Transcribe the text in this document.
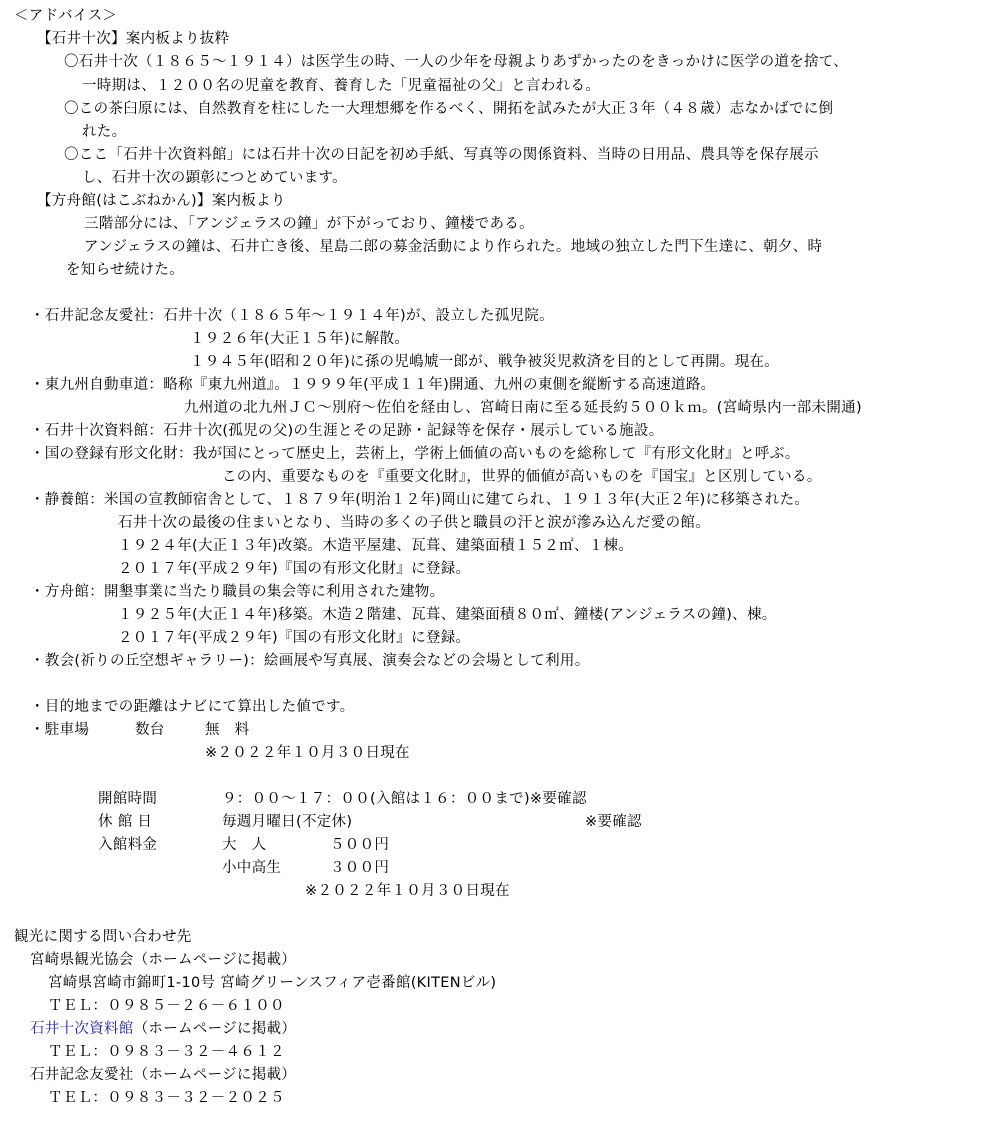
＜アドバイス＞
【石井十次】案内板より抜粋
〇石井十次（１８６５～１９１４）は医学生の時、一人の少年を母親よりあずかったのをきっかけに医学の道を捨て、
一時期は、１２００名の児童を教育、養育した「児童福祉の父」と言われる。
〇この茶臼原には、自然教育を柱にした一大理想郷を作るべく、開拓を試みたが大正３年（４８歳）志なかばでに倒
れた。
〇ここ「石井十次資料館」には石井十次の日記を初め手紙、写真等の関係資料、当時の日用品、農具等を保存展示
し、石井十次の顕彰につとめています。
【方舟館(はこぶねかん)】案内板より
三階部分には、「アンジェラスの鐘」が下がっており、鐘楼である。
アンジェラスの鐘は、石井亡き後、星島二郎の募金活動により作られた。地域の独立した門下生達に、朝夕、時
を知らせ続けた。
・石井記念友愛社：石井十次（１８６５年～１９１４年)が、設立した孤児院。
１９２６年(大正１５年)に解散。
１９４５年(昭和２０年)に孫の児嶋虓一郎が、戦争被災児救済を目的として再開。現在。
・東九州自動車道：略称『東九州道』。１９９９年(平成１１年)開通、九州の東側を縦断する高速道路。
九州道の北九州ＪＣ～別府～佐伯を経由し、宮崎日南に至る延長約５００ｋｍ。(宮崎県内一部未開通)
・石井十次資料館：石井十次(孤児の父)の生涯とその足跡・記録等を保存・展示している施設。
・国の登録有形文化財：我が国にとって歴史上，芸術上，学術上価値の高いものを総称して『有形文化財』と呼ぶ。
この内、重要なものを『重要文化財』，世界的価値が高いものを『国宝』と区別している。
・静養館：米国の宣教師宿舎として、１８７９年(明治１２年)岡山に建てられ、１９１３年(大正２年)に移築された。
石井十次の最後の住まいとなり、当時の多くの子供と職員の汗と涙が滲み込んだ愛の館。
１９２４年(大正１３年)改築。木造平屋建、瓦葺、建築面積１５２㎡、１棟。
２０１７年(平成２９年)『国の有形文化財』に登録。
・方舟館：開墾事業に当たり職員の集会等に利用された建物。
１９２５年(大正１４年)移築。木造２階建、瓦葺、建築面積８０㎡、鐘楼(アンジェラスの鐘)、棟。
２０１７年(平成２９年)『国の有形文化財』に登録。
・教会(祈りの丘空想ギャラリー)：絵画展や写真展、演奏会などの会場として利用。
・目的地までの距離はナビにて算出した値です。
・駐車場	数台	無　料
※２０２２年１０月３０日現在
開館時間	９：００～１７：００(入館は１６：００まで)※要確認
休 館 日	毎週月曜日(不定休)	※要確認
入館料金	大　人	５００円
小中高生	３００円
※２０２２年１０月３０日現在
観光に関する問い合わせ先
宮崎県観光協会（ホームページに掲載）
宮崎県宮崎市錦町1-10号 宮崎グリーンスフィア壱番館(KITENビル)
ＴＥＬ：０９８５－２６－６１００
石井十次資料館（ホームページに掲載）
ＴＥＬ：０９８３－３２－４６１２
石井記念友愛社（ホームページに掲載）
ＴＥＬ：０９８３－３２－２０２５
